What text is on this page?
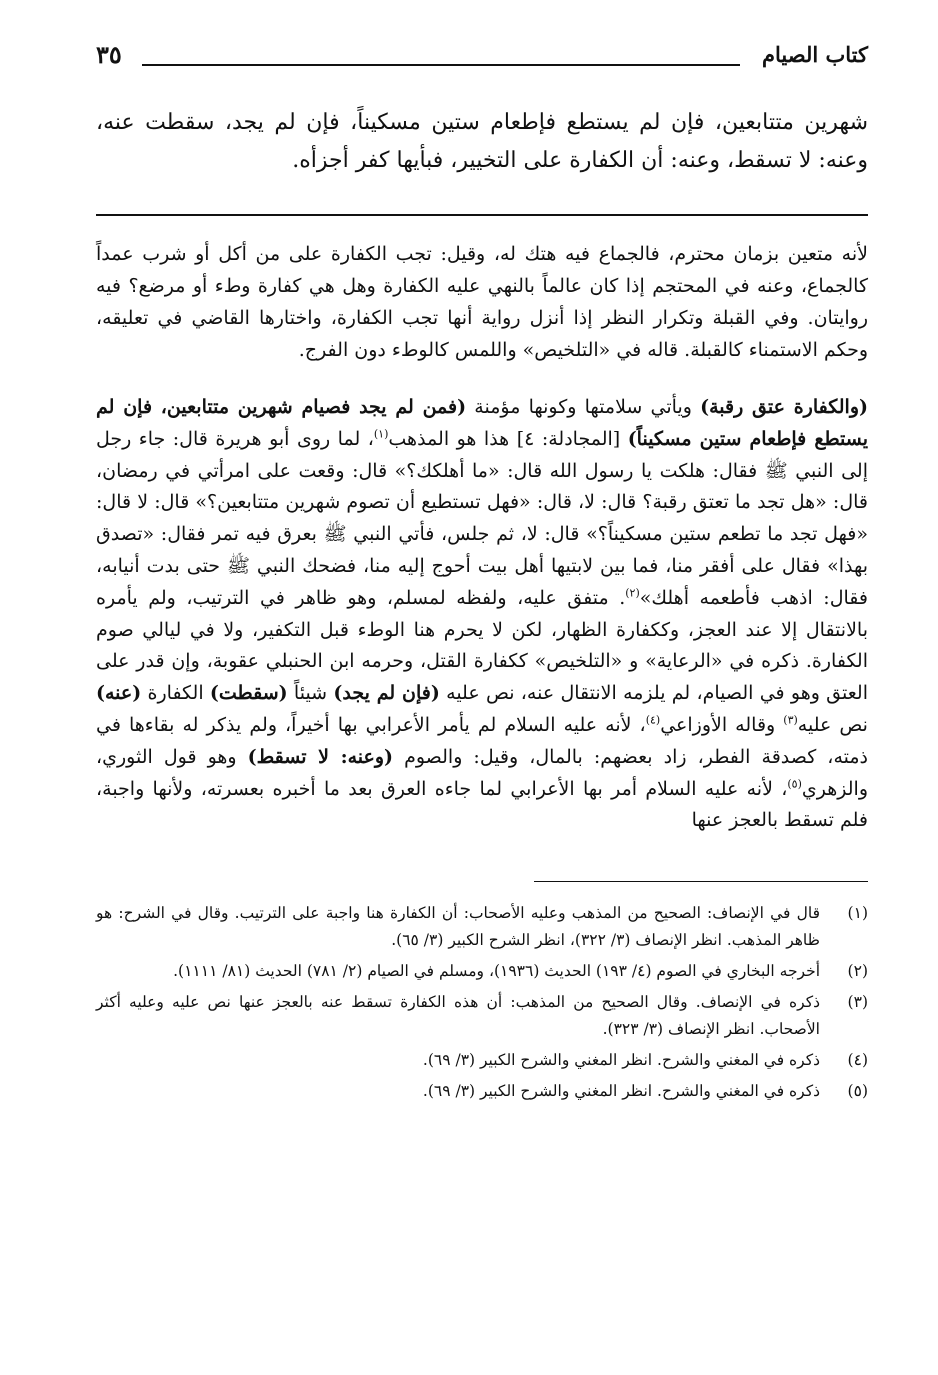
كتاب الصيام
٣٥
شهرين متتابعين، فإن لم يستطع فإطعام ستين مسكيناً، فإن لم يجد، سقطت عنه، وعنه: لا تسقط، وعنه: أن الكفارة على التخيير، فبأيها كفر أجزأه.
لأنه متعين بزمان محترم، فالجماع فيه هتك له، وقيل: تجب الكفارة على من أكل أو شرب عمداً كالجماع، وعنه في المحتجم إذا كان عالماً بالنهي عليه الكفارة وهل هي كفارة وطء أو مرضع؟ فيه روايتان. وفي القبلة وتكرار النظر إذا أنزل رواية أنها تجب الكفارة، واختارها القاضي في تعليقه، وحكم الاستمناء كالقبلة. قاله في «التلخيص» واللمس كالوطء دون الفرج.
(والكفارة عتق رقبة) ويأتي سلامتها وكونها مؤمنة (فمن لم يجد فصيام شهرين متتابعين، فإن لم يستطع فإطعام ستين مسكيناً) [المجادلة: ٤] هذا هو المذهب$^{(١)}$، لما روى أبو هريرة قال: جاء رجل إلى النبي ﷺ فقال: هلكت يا رسول الله قال: «ما أهلكك؟» قال: وقعت على امرأتي في رمضان، قال: «هل تجد ما تعتق رقبة؟ قال: لا، قال: «فهل تستطيع أن تصوم شهرين متتابعين؟» قال: لا قال: «فهل تجد ما تطعم ستين مسكيناً؟» قال: لا، ثم جلس، فأتي النبي ﷺ بعرق فيه تمر فقال: «تصدق بهذا» فقال على أفقر منا، فما بين لابتيها أهل بيت أحوج إليه منا، فضحك النبي ﷺ حتى بدت أنيابه، فقال: اذهب فأطعمه أهلك»$^{(٢)}$. متفق عليه، ولفظه لمسلم، وهو ظاهر في الترتيب، ولم يأمره بالانتقال إلا عند العجز، وككفارة الظهار، لكن لا يحرم هنا الوطء قبل التكفير، ولا في ليالي صوم الكفارة. ذكره في «الرعاية» و «التلخيص» ككفارة القتل، وحرمه ابن الحنبلي عقوبة، وإن قدر على العتق وهو في الصيام، لم يلزمه الانتقال عنه، نص عليه (فإن لم يجد) شيئاً (سقطت) الكفارة (عنه) نص عليه$^{(٣)}$ وقاله الأوزاعي$^{(٤)}$، لأنه عليه السلام لم يأمر الأعرابي بها أخيراً، ولم يذكر له بقاءها في ذمته، كصدقة الفطر، زاد بعضهم: بالمال، وقيل: والصوم (وعنه: لا تسقط) وهو قول الثوري، والزهري$^{(٥)}$، لأنه عليه السلام أمر بها الأعرابي لما جاءه العرق بعد ما أخبره بعسرته، ولأنها واجبة، فلم تسقط بالعجز عنها
(١)
قال في الإنصاف: الصحيح من المذهب وعليه الأصحاب: أن الكفارة هنا واجبة على الترتيب. وقال في الشرح: هو ظاهر المذهب. انظر الإنصاف (٣/ ٣٢٢)، انظر الشرح الكبير (٣/ ٦٥).
(٢)
أخرجه البخاري في الصوم (٤/ ١٩٣) الحديث (١٩٣٦)، ومسلم في الصيام (٢/ ٧٨١) الحديث (٨١/ ١١١١).
(٣)
ذكره في الإنصاف. وقال الصحيح من المذهب: أن هذه الكفارة تسقط عنه بالعجز عنها نص عليه وعليه أكثر الأصحاب. انظر الإنصاف (٣/ ٣٢٣).
(٤)
ذكره في المغني والشرح. انظر المغني والشرح الكبير (٣/ ٦٩).
(٥)
ذكره في المغني والشرح. انظر المغني والشرح الكبير (٣/ ٦٩).
